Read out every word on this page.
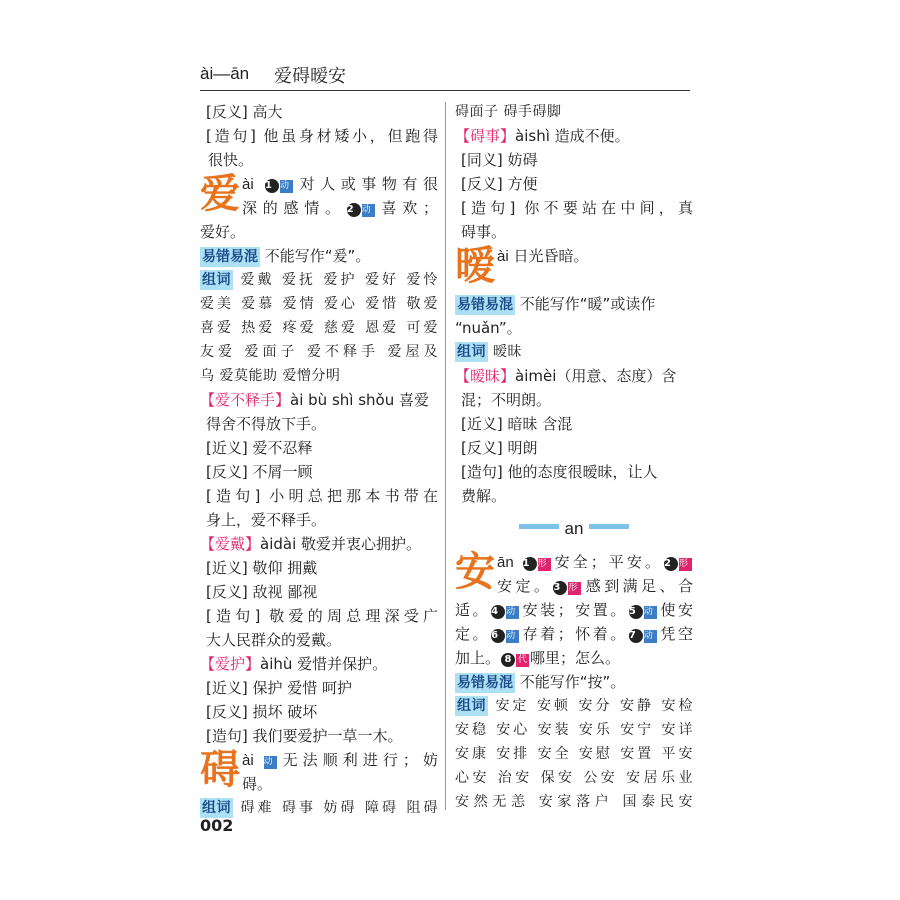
ài—ān 爱碍暧安
[反义] 高大
[造句] 他虽身材矮小，但跑得
很快。
爱 ài 1 动 对人或事物有很
深的感情。2 动 喜欢；
爱好。
易错易混 不能写作“爰”。
组词 爱戴 爱抚 爱护 爱好 爱怜
爱美 爱慕 爱情 爱心 爱惜 敬爱
喜爱 热爱 疼爱 慈爱 恩爱 可爱
友爱 爱面子 爱不释手 爱屋及
乌 爱莫能助 爱憎分明
【爱不释手】ài bù shì shǒu 喜爱
得舍不得放下手。
[近义] 爱不忍释
[反义] 不屑一顾
[造句] 小明总把那本书带在
身上，爱不释手。
【爱戴】àidài 敬爱并衷心拥护。
[近义] 敬仰 拥戴
[反义] 敌视 鄙视
[造句] 敬爱的周总理深受广
大人民群众的爱戴。
【爱护】àihù 爱惜并保护。
[近义] 保护 爱惜 呵护
[反义] 损坏 破坏
[造句] 我们要爱护一草一木。
碍 ài 动 无法顺利进行；妨
碍。
组词 碍难 碍事 妨碍 障碍 阻碍
碍面子 碍手碍脚
【碍事】àishì 造成不便。
[同义] 妨碍
[反义] 方便
[造句] 你不要站在中间，真
碍事。
暧 ài 日光昏暗。
易错易混 不能写作“暖”或读作
“nuǎn”。
组词 暧昧
【暧昧】àimèi（用意、态度）含
混；不明朗。
[近义] 暗昧 含混
[反义] 明朗
[造句] 他的态度很暧昧，让人
费解。
an
安 ān 1 形 安全；平安。2 形
安定。3 形 感到满足、合
适。4 动 安装；安置。5 动 使安
定。6 动 存着；怀着。7 动 凭空
加上。 8 代 哪里；怎么。
易错易混 不能写作“按”。
组词 安定 安顿 安分 安静 安检
安稳 安心 安装 安乐 安宁 安详
安康 安排 安全 安慰 安置 平安
心安 治安 保安 公安 安居乐业
安然无恙 安家落户 国泰民安
002
